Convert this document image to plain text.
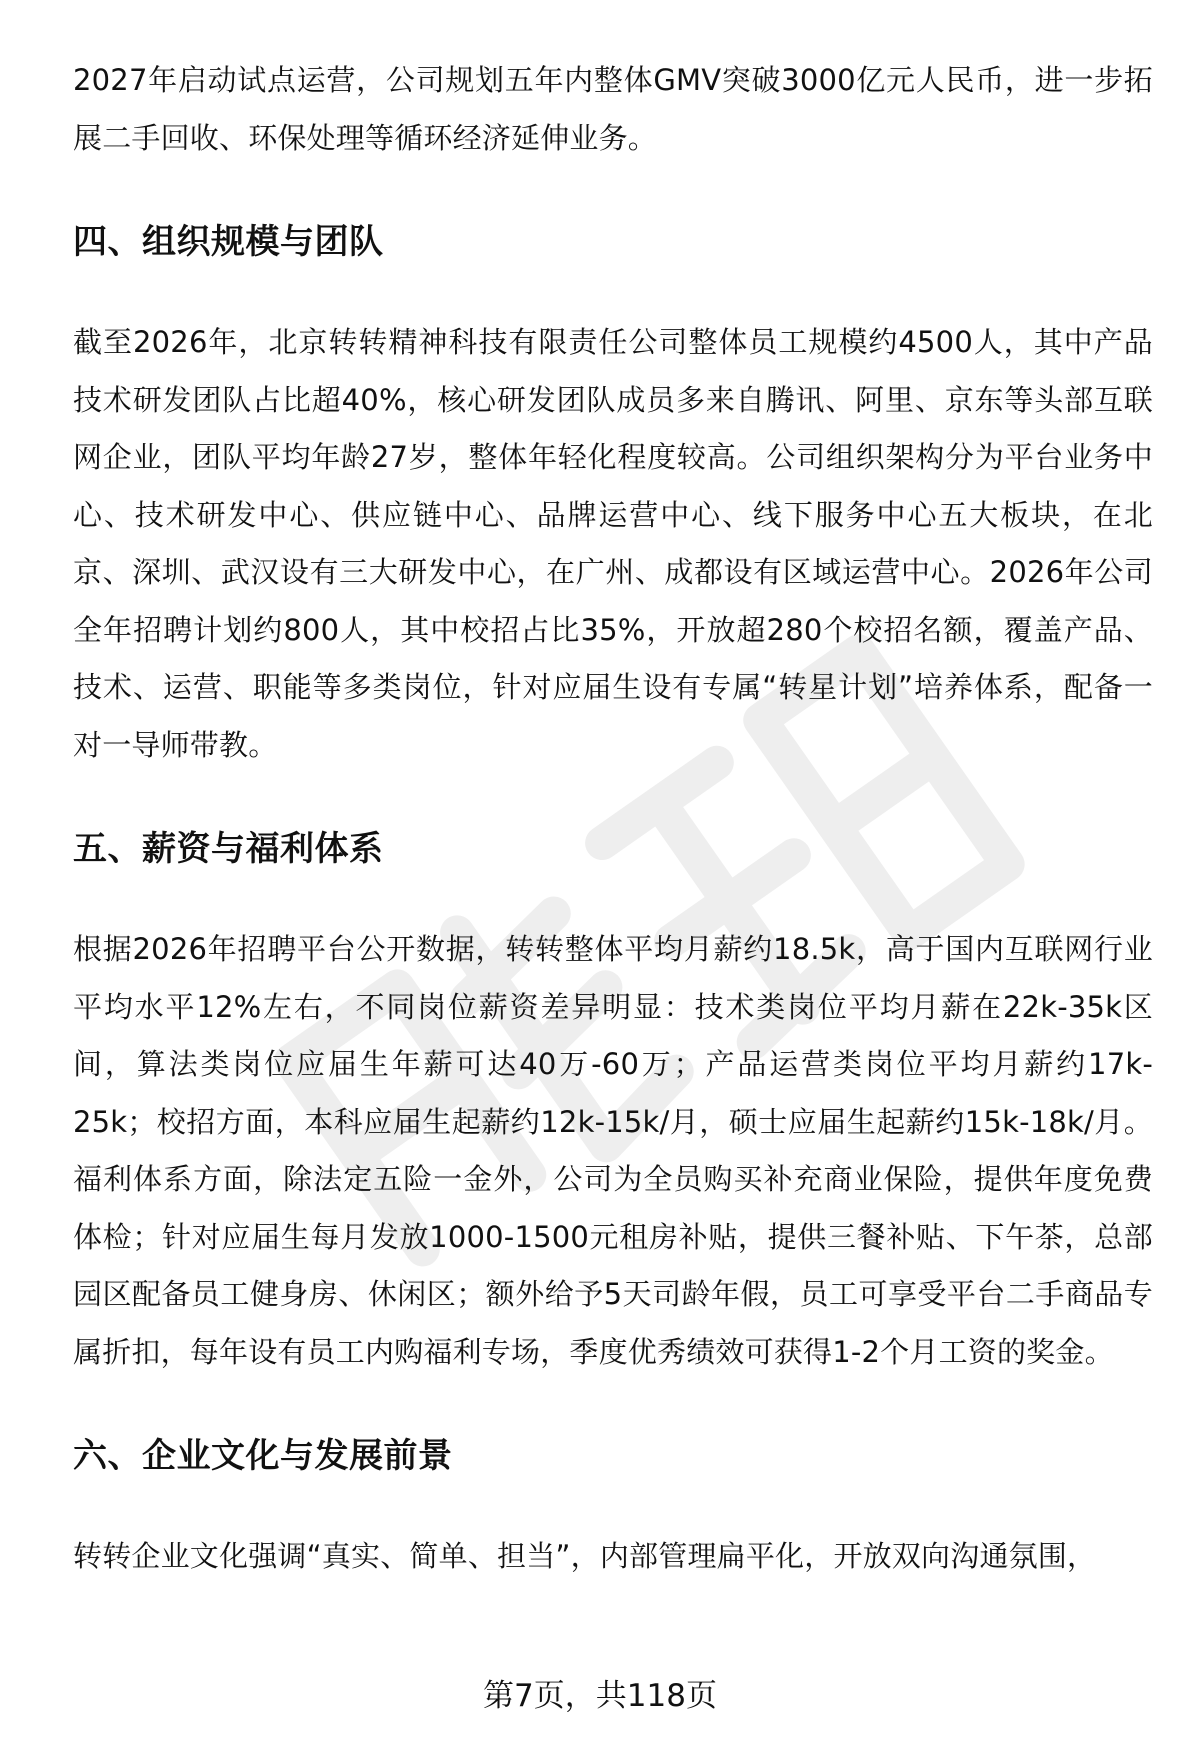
2027年启动试点运营，公司规划五年内整体GMV突破3000亿元人民币，进一步拓展二手回收、环保处理等循环经济延伸业务。

四、组织规模与团队

截至2026年，北京转转精神科技有限责任公司整体员工规模约4500人，其中产品技术研发团队占比超40%，核心研发团队成员多来自腾讯、阿里、京东等头部互联网企业，团队平均年龄27岁，整体年轻化程度较高。公司组织架构分为平台业务中心、技术研发中心、供应链中心、品牌运营中心、线下服务中心五大板块，在北京、深圳、武汉设有三大研发中心，在广州、成都设有区域运营中心。2026年公司全年招聘计划约800人，其中校招占比35%，开放超280个校招名额，覆盖产品、技术、运营、职能等多类岗位，针对应届生设有专属“转星计划”培养体系，配备一对一导师带教。

五、薪资与福利体系

根据2026年招聘平台公开数据，转转整体平均月薪约18.5k，高于国内互联网行业平均水平12%左右，不同岗位薪资差异明显：技术类岗位平均月薪在22k-35k区间，算法类岗位应届生年薪可达40万-60万；产品运营类岗位平均月薪约17k-25k；校招方面，本科应届生起薪约12k-15k/月，硕士应届生起薪约15k-18k/月。福利体系方面，除法定五险一金外，公司为全员购买补充商业保险，提供年度免费体检；针对应届生每月发放1000-1500元租房补贴，提供三餐补贴、下午茶，总部园区配备员工健身房、休闲区；额外给予5天司龄年假，员工可享受平台二手商品专属折扣，每年设有员工内购福利专场，季度优秀绩效可获得1-2个月工资的奖金。

六、企业文化与发展前景

转转企业文化强调“真实、简单、担当”，内部管理扁平化，开放双向沟通氛围，

第7页，共118页
